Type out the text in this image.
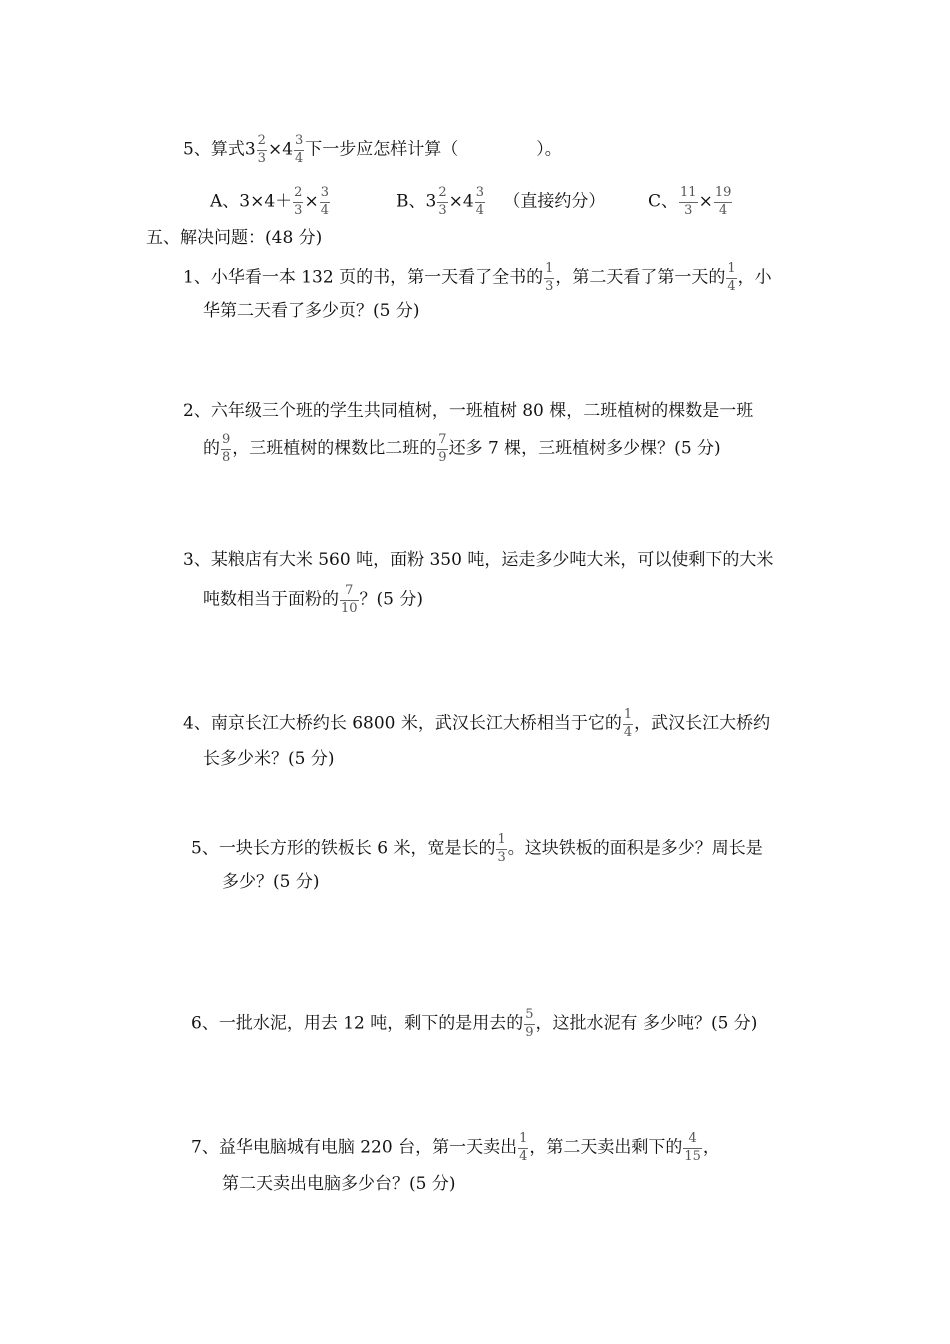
5、算式$3 \frac{2}{3} \times 4 \frac{3}{4}$ 下一步应怎样计算（	）。
A、$3\times 4+ \frac{2}{3} \times \frac{3}{4}$	B、$3 \frac{2}{3} \times 4 \frac{3}{4}$ （直接约分）	C、 $\frac{11}{3} \times \frac{19}{4}$
五、解决问题：(48 分)
1、小华看一本 132 页的书，第一天看了全书的 $\frac{1}{3}$ ，第二天看了第一天的 $\frac{1}{4}$ ，小
华第二天看了多少页？(5 分)
2、六年级三个班的学生共同植树，一班植树 80 棵，二班植树的棵数是一班
的 $\frac{9}{8}$ ，三班植树的棵数比二班的 $\frac{7}{9}$ 还多 7 棵，三班植树多少棵？(5 分)
3、某粮店有大米 560 吨，面粉 350 吨，运走多少吨大米，可以使剩下的大米
吨数相当于面粉的 $\frac{7}{10}$ ？(5 分)
4、南京长江大桥约长 6800 米，武汉长江大桥相当于它的 $\frac{1}{4}$ ，武汉长江大桥约
长多少米？(5 分)
5、一块长方形的铁板长 6 米，宽是长的 $\frac{1}{3}$ 。这块铁板的面积是多少？周长是
多少？(5 分)
6、一批水泥，用去 12 吨，剩下的是用去的 $\frac{5}{9}$ ，这批水泥有 多少吨？(5 分)
7、益华电脑城有电脑 220 台，第一天卖出 $\frac{1}{4}$ ，第二天卖出剩下的 $\frac{4}{15}$ ，
第二天卖出电脑多少台？(5 分)
